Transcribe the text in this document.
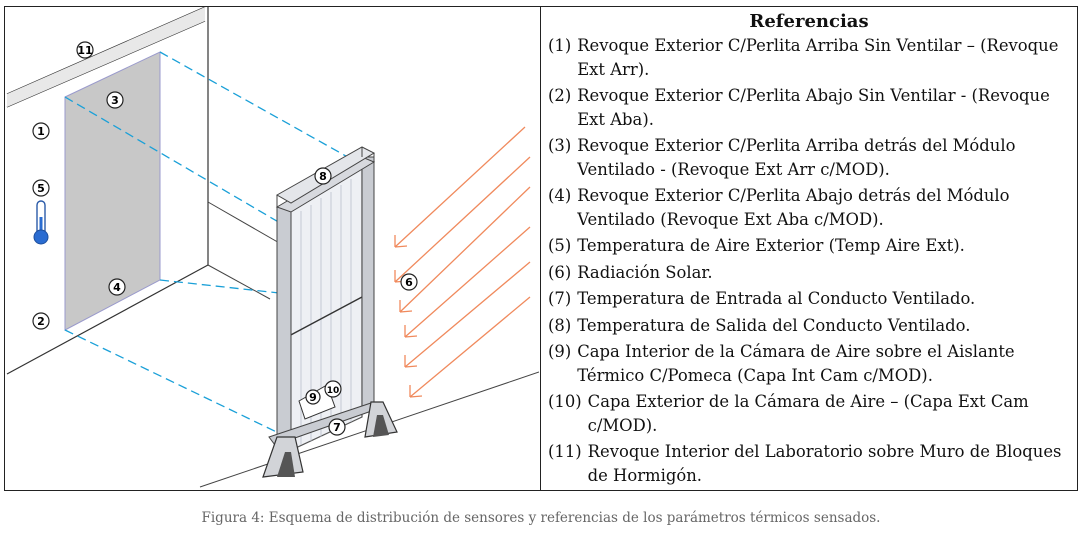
11
3
1
5
4
2
8
6
10
9
7
Referencias
(1) Revoque Exterior C/Perlita Arriba Sin Ventilar – (Revoque Ext Arr).
(2) Revoque Exterior C/Perlita Abajo Sin Ventilar - (Revoque Ext Aba).
(3) Revoque Exterior C/Perlita Arriba detrás del Módulo Ventilado - (Revoque Ext Arr c/MOD).
(4) Revoque Exterior C/Perlita Abajo detrás del Módulo Ventilado (Revoque Ext Aba c/MOD).
(5) Temperatura de Aire Exterior (Temp Aire Ext).
(6) Radiación Solar.
(7) Temperatura de Entrada al Conducto Ventilado.
(8) Temperatura de Salida del Conducto Ventilado.
(9) Capa Interior de la Cámara de Aire sobre el Aislante Térmico C/Pomeca (Capa Int Cam c/MOD).
(10) Capa Exterior de la Cámara de Aire – (Capa Ext Cam c/MOD).
(11) Revoque Interior del Laboratorio sobre Muro de Bloques de Hormigón.
Figura 4: Esquema de distribución de sensores y referencias de los parámetros térmicos sensados.
